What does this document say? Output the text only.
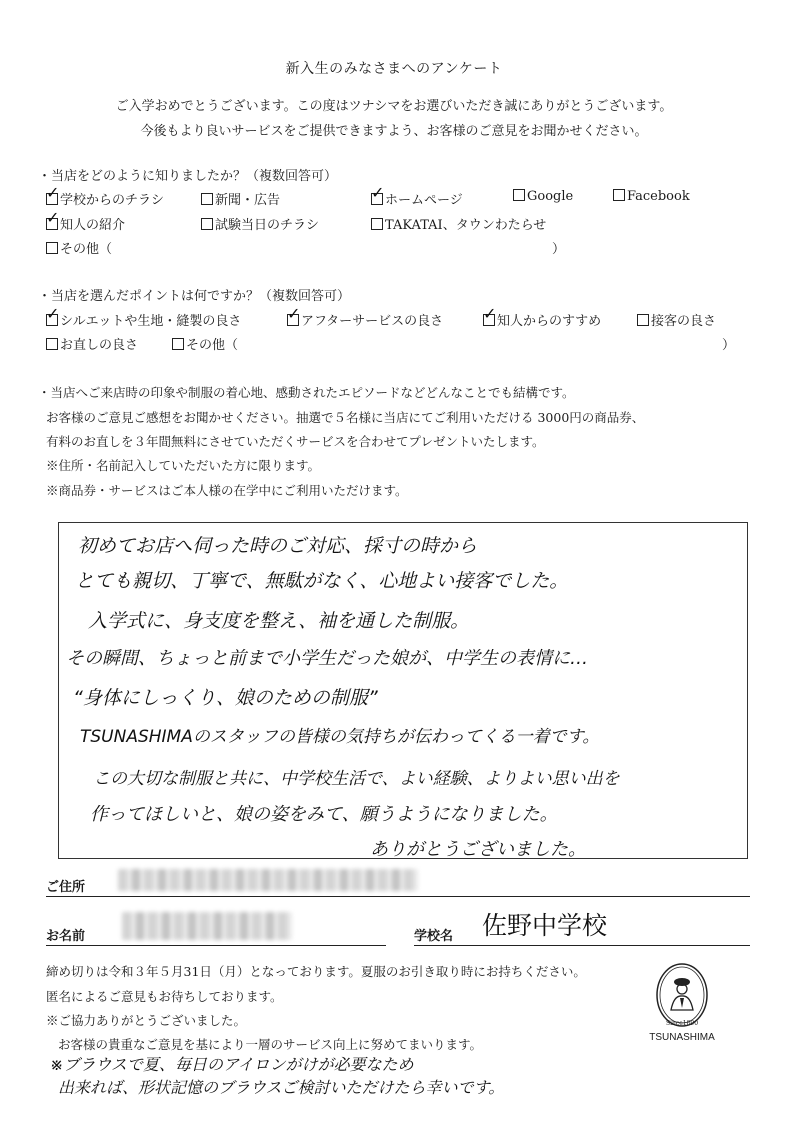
新入生のみなさまへのアンケート
ご入学おめでとうございます。この度はツナシマをお選びいただき誠にありがとうございます。
今後もより良いサービスをご提供できますよう、お客様のご意見をお聞かせください。
・当店をどのように知りましたか？（複数回答可）
✓ 学校からのチラシ	新聞・広告	✓ ホームページ	Google	Facebook
✓ 知人の紹介	試験当日のチラシ	TAKATAI、タウンわたらせ
その他（	）
・当店を選んだポイントは何ですか？（複数回答可）
✓ シルエットや生地・縫製の良さ	✓ アフターサービスの良さ ✓ 知人からのすすめ	接客の良さ
お直しの良さ	その他（	）
・当店へご来店時の印象や制服の着心地、感動されたエピソードなどどんなことでも結構です。
お客様のご意見ご感想をお聞かせください。抽選で５名様に当店にてご利用いただける 3000円の商品券、
有料のお直しを３年間無料にさせていただくサービスを合わせてプレゼントいたします。
※住所・名前記入していただいた方に限ります。
※商品券・サービスはご本人様の在学中にご利用いただけます。
初めてお店へ伺った時のご対応、採寸の時から
とても親切、丁寧で、無駄がなく、心地よい接客でした。
入学式に、身支度を整え、袖を通した制服。
その瞬間、ちょっと前まで小学生だった娘が、中学生の表情に…
“身体にしっくり、娘のための制服”
TSUNASHIMAのスタッフの皆様の気持ちが伝わってくる一着です。
この大切な制服と共に、中学校生活で、よい経験、よりよい思い出を
作ってほしいと、娘の姿をみて、願うようになりました。
ありがとうございました。
ご住所
お名前	学校名 佐野中学校
締め切りは令和３年５月31日（月）となっております。夏服のお引き取り時にお持ちください。
匿名によるご意見もお待ちしております。
※ご協力ありがとうございました。
お客様の貴重なご意見を基により一層のサービス向上に努めてまいります。
※ブラウスで夏、毎日のアイロンがけが必要なため
出来れば、形状記憶のブラウスご検討いただけたら幸いです。
Since1890
TSUNASHIMA
